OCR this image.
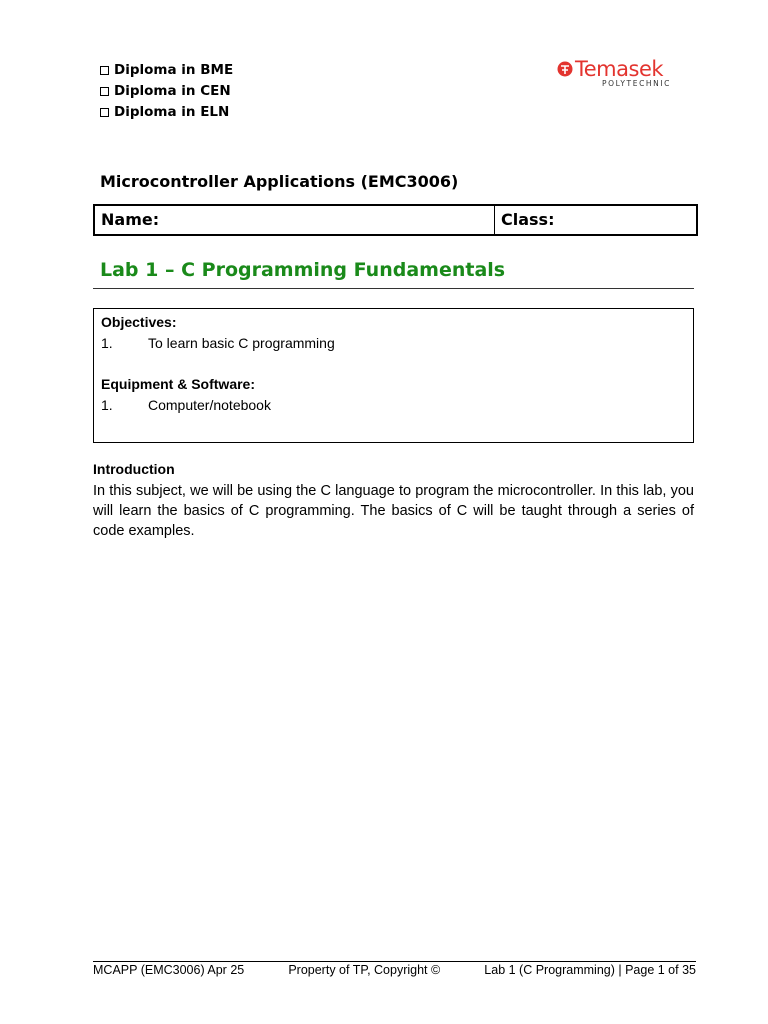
Diploma in BME
Diploma in CEN
Diploma in ELN
Temasek
POLYTECHNIC
Microcontroller Applications (EMC3006)
Name:	Class:
Lab 1 – C Programming Fundamentals
Objectives:
1.	To learn basic C programming
Equipment & Software:
1.	Computer/notebook
Introduction

In this subject, we will be using the C language to program the microcontroller. In this lab, you will learn the basics of C programming. The basics of C will be taught through a series of code examples.

MCAPP (EMC3006) Apr 25	Property of TP, Copyright ©	Lab 1 (C Programming) | Page 1 of 35
